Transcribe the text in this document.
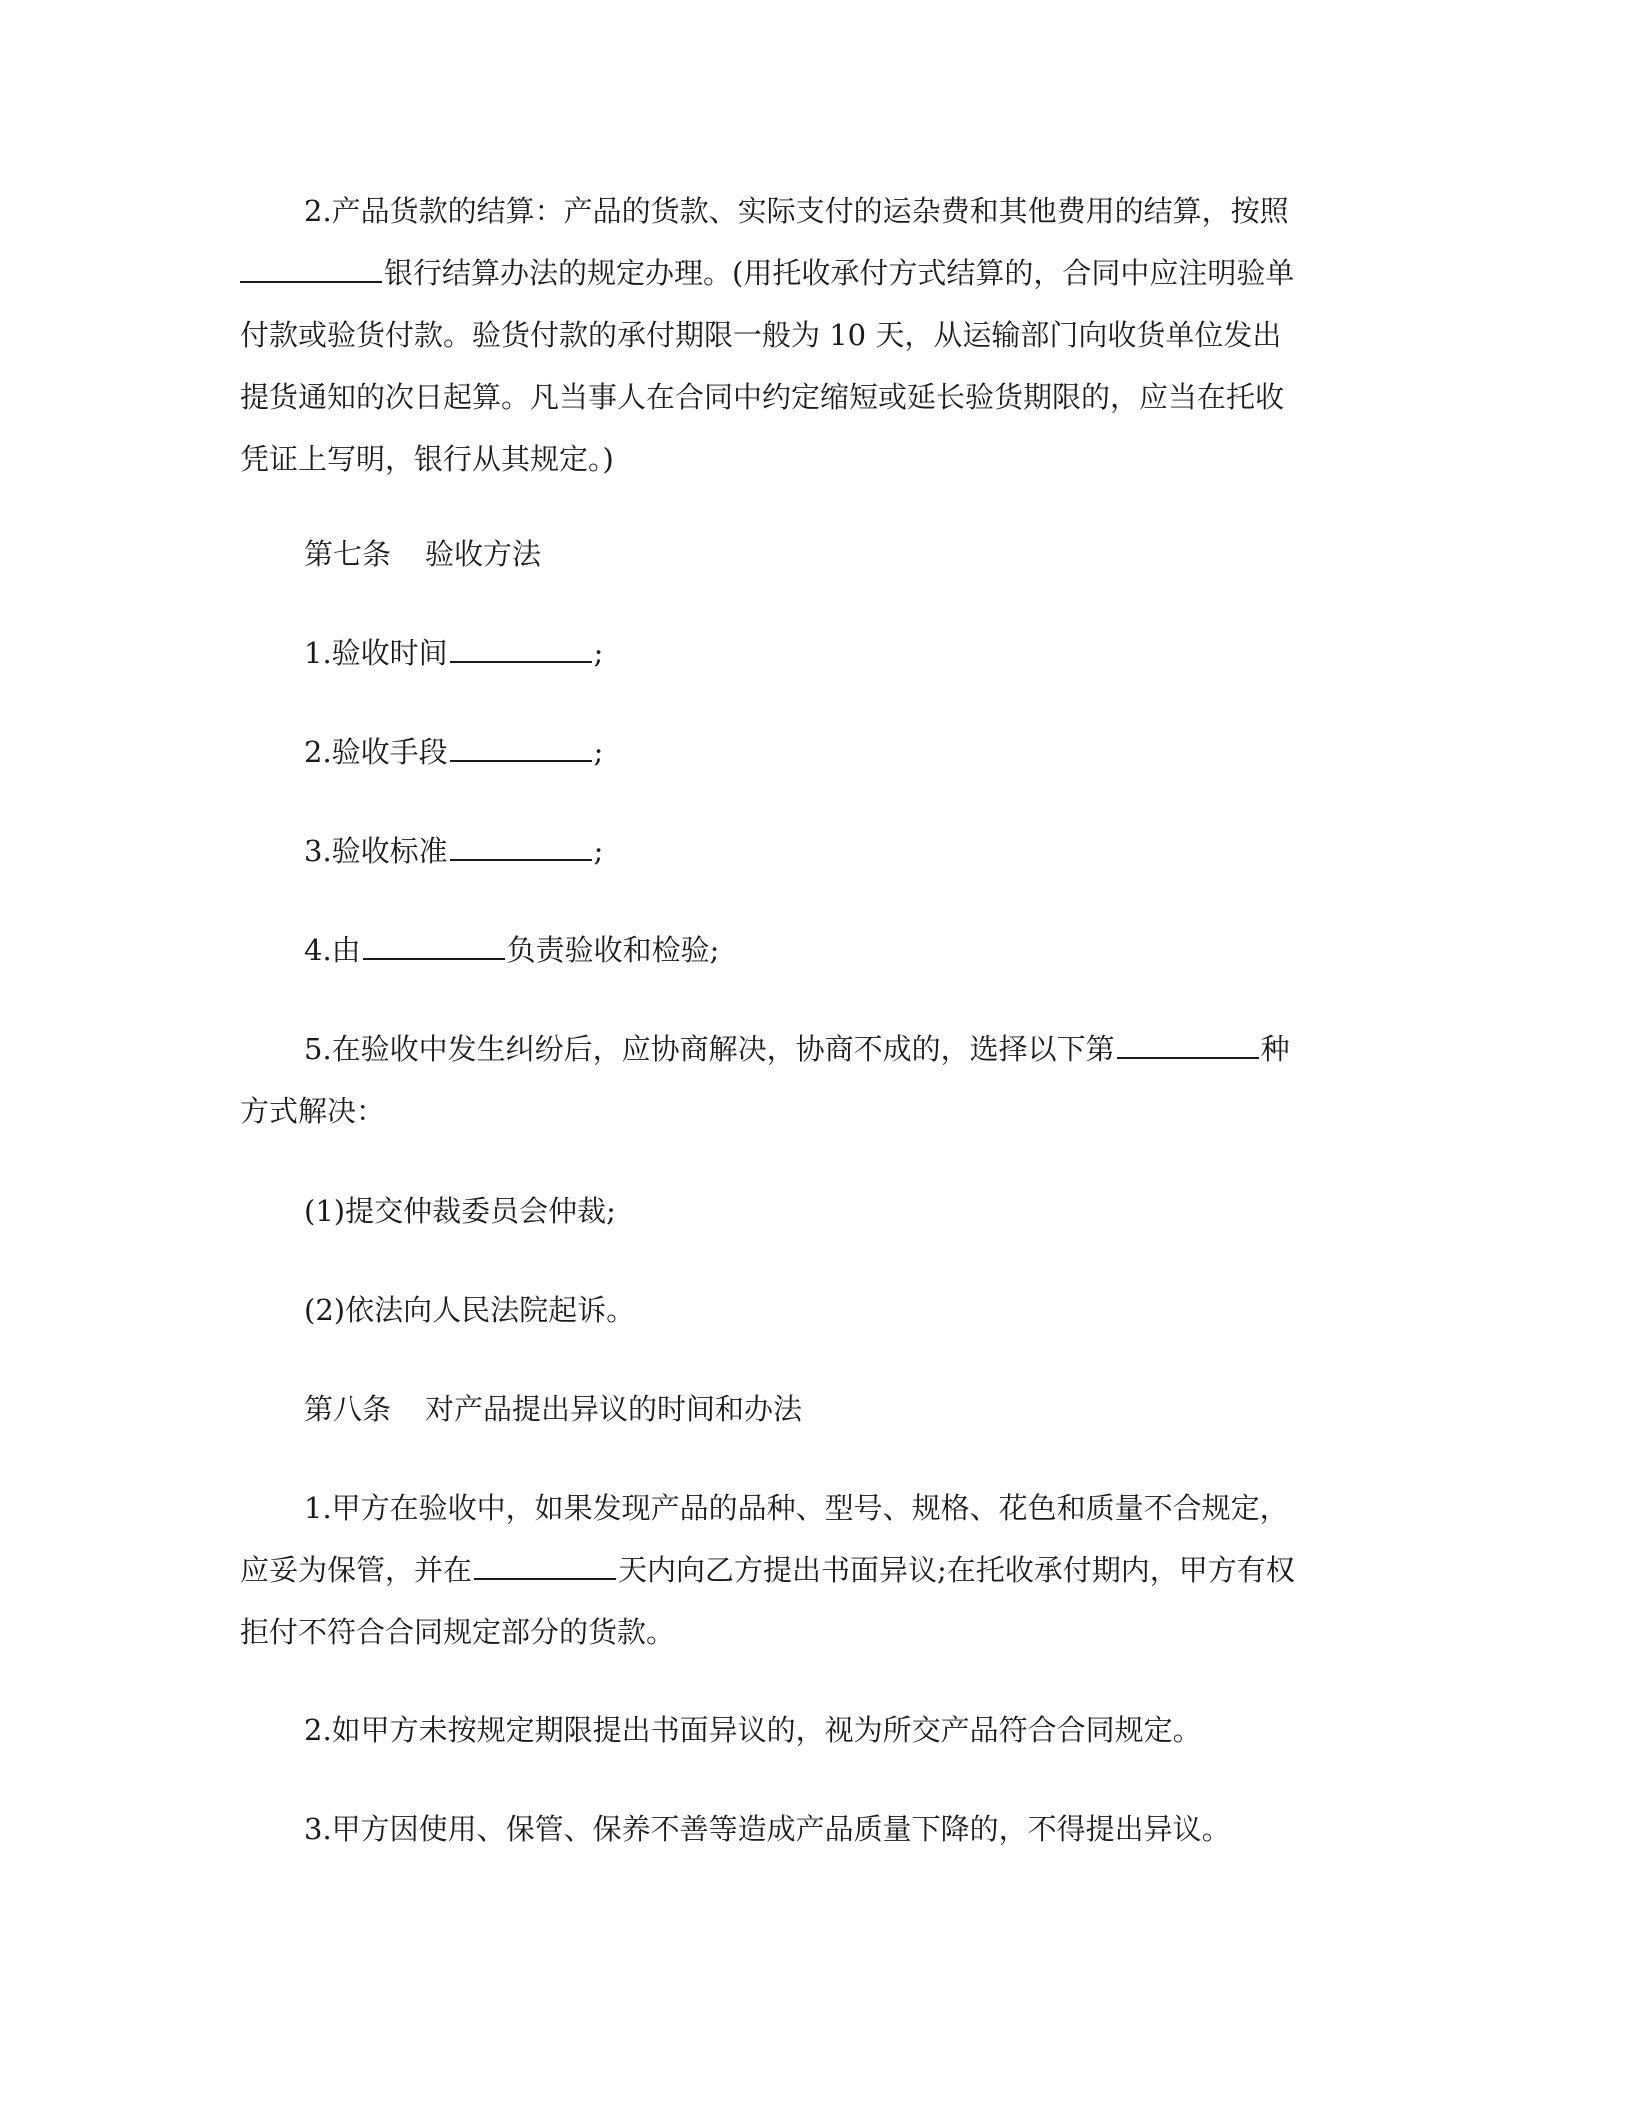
2.产品货款的结算：产品的货款、实际支付的运杂费和其他费用的结算，按照
银行结算办法的规定办理。(用托收承付方式结算的，合同中应注明验单
付款或验货付款。验货付款的承付期限一般为 10 天，从运输部门向收货单位发出
提货通知的次日起算。凡当事人在合同中约定缩短或延长验货期限的，应当在托收
凭证上写明，银行从其规定。)
第七条 验收方法
1.验收时间	;
2.验收手段	;
3.验收标准	;
4.由	负责验收和检验;
5.在验收中发生纠纷后，应协商解决，协商不成的，选择以下第	种
方式解决：
(1)提交仲裁委员会仲裁;
(2)依法向人民法院起诉。
第八条 对产品提出异议的时间和办法
1.甲方在验收中，如果发现产品的品种、型号、规格、花色和质量不合规定，
应妥为保管，并在	天内向乙方提出书面异议;在托收承付期内，甲方有权
拒付不符合合同规定部分的货款。
2.如甲方未按规定期限提出书面异议的，视为所交产品符合合同规定。
3.甲方因使用、保管、保养不善等造成产品质量下降的，不得提出异议。
